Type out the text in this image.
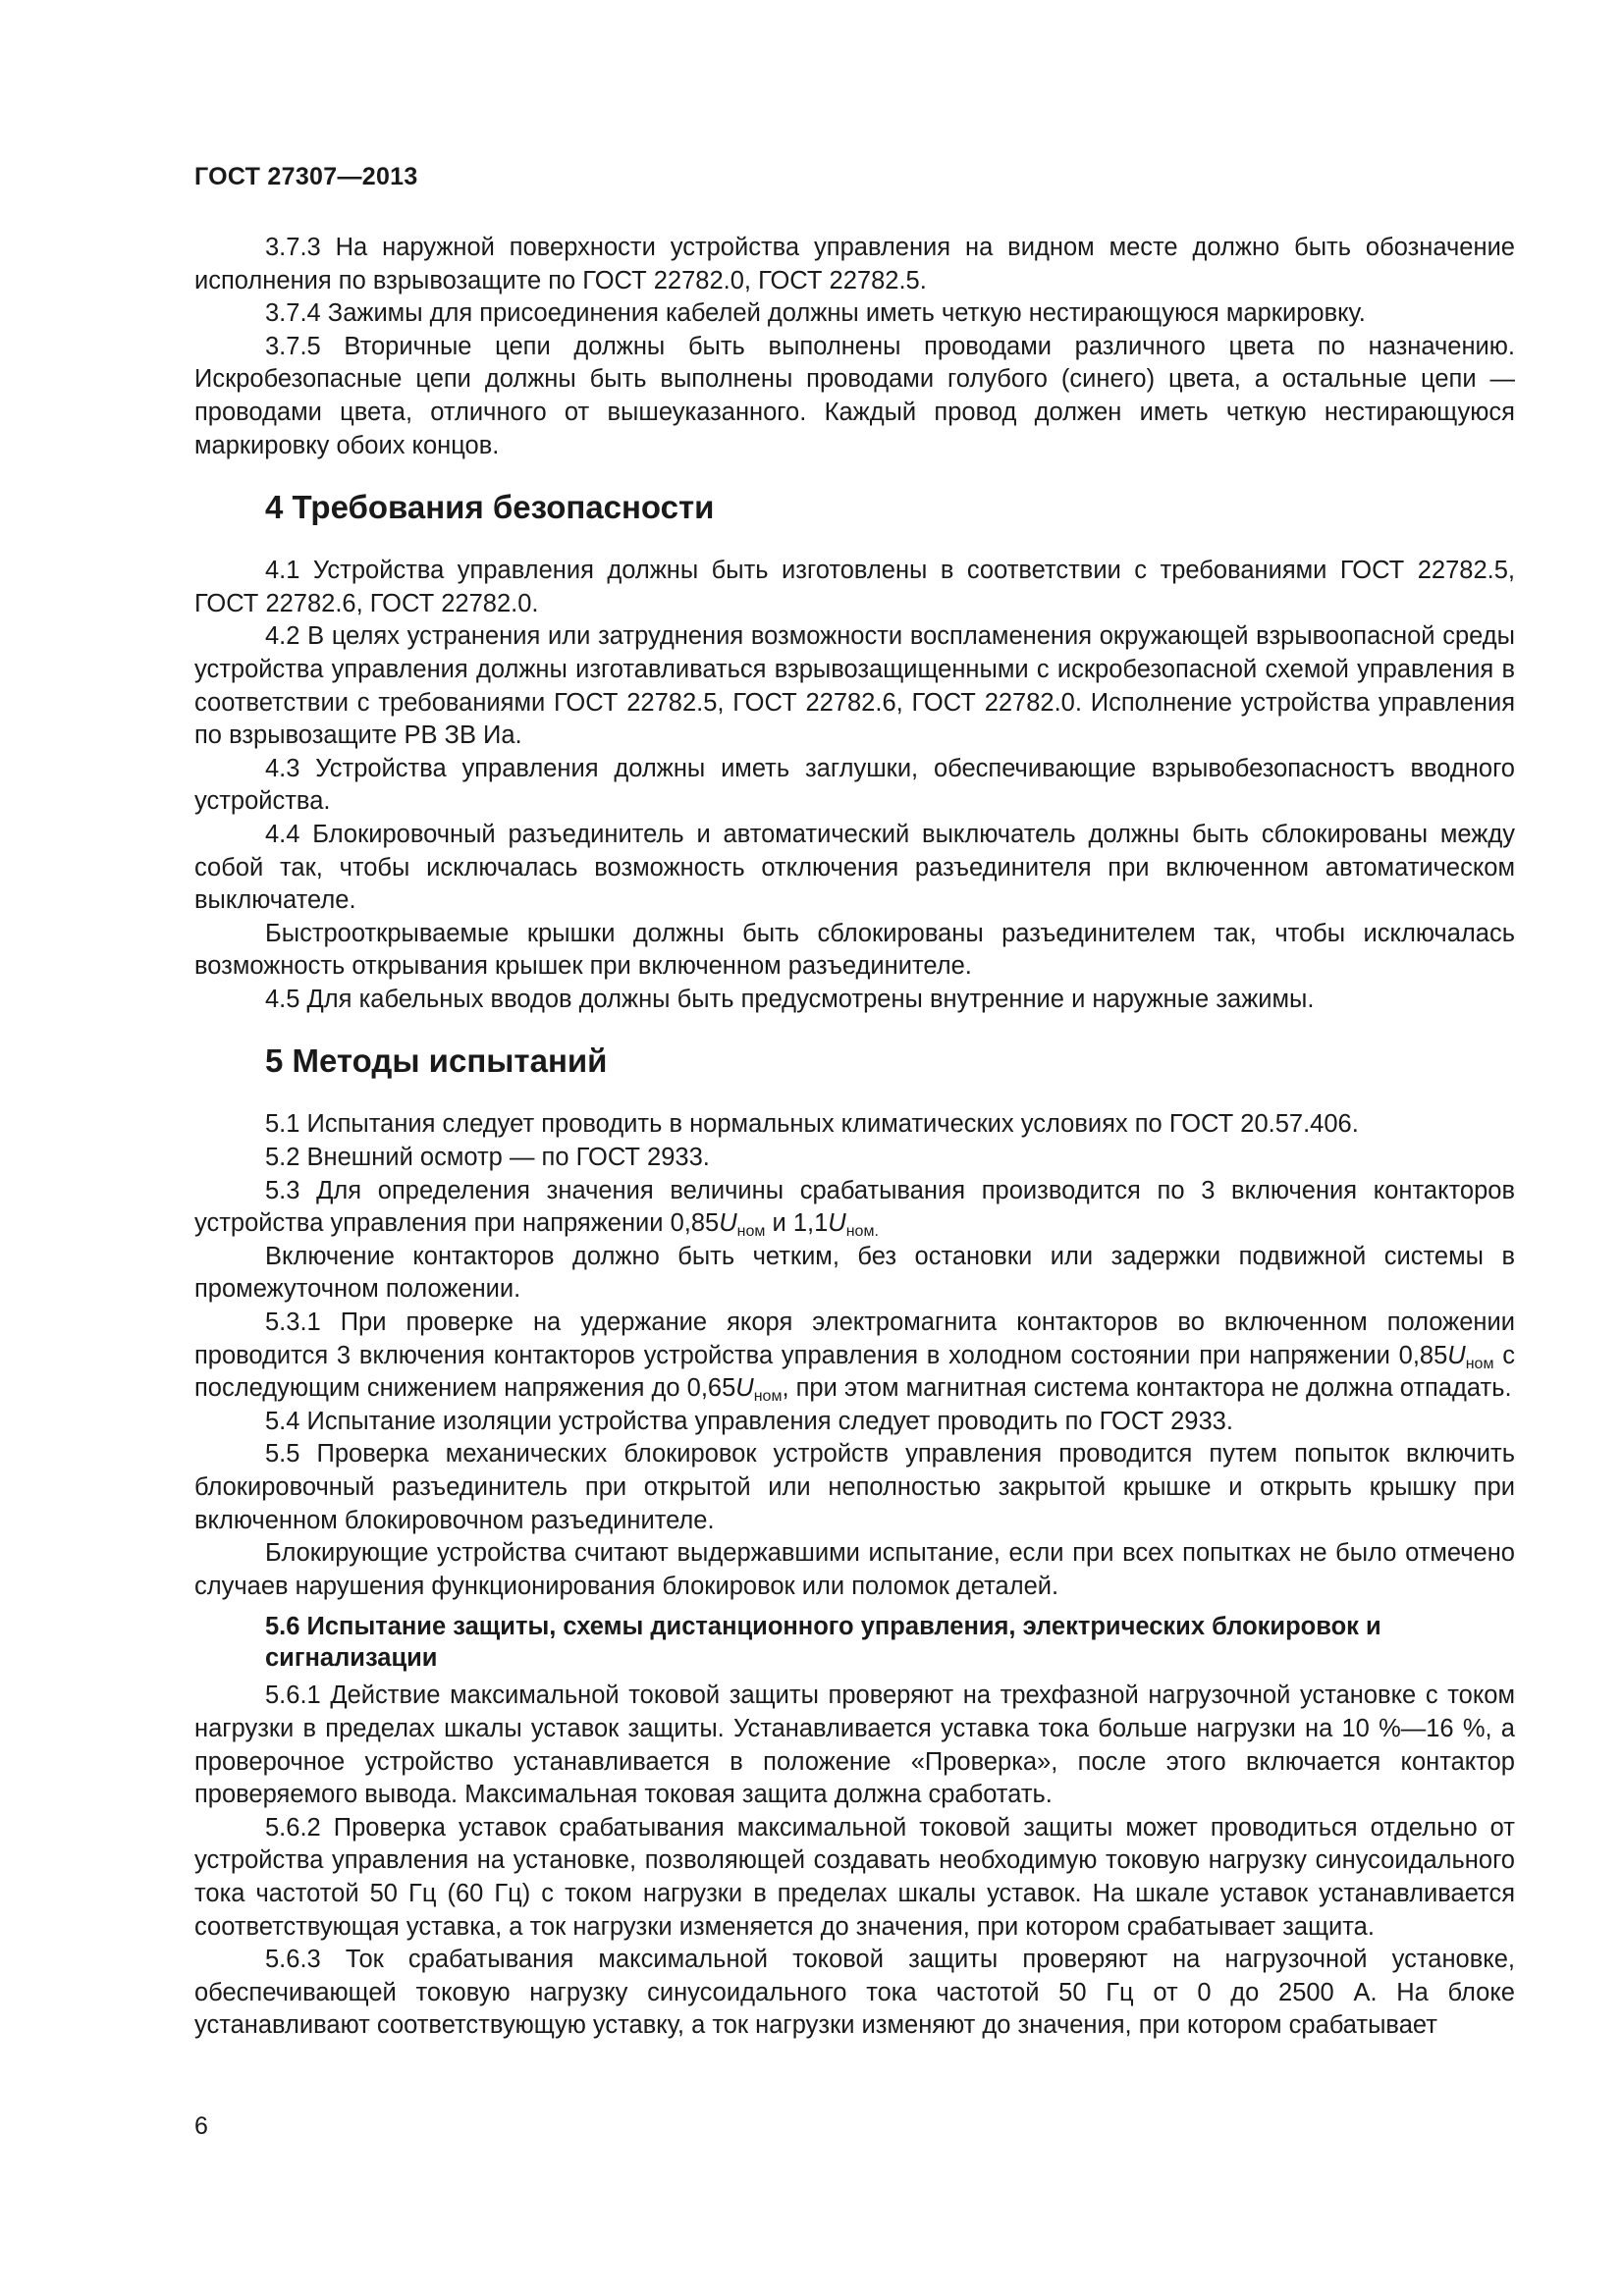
ГОСТ 27307—2013

3.7.3 На наружной поверхности устройства управления на видном месте должно быть обозначение исполнения по взрывозащите по ГОСТ 22782.0, ГОСТ 22782.5.

3.7.4 Зажимы для присоединения кабелей должны иметь четкую нестирающуюся маркировку.

3.7.5 Вторичные цепи должны быть выполнены проводами различного цвета по назначению. Искробезопасные цепи должны быть выполнены проводами голубого (синего) цвета, а остальные цепи — проводами цвета, отличного от вышеуказанного. Каждый провод должен иметь четкую нестирающуюся маркировку обоих концов.

4 Требования безопасности

4.1 Устройства управления должны быть изготовлены в соответствии с требованиями ГОСТ 22782.5, ГОСТ 22782.6, ГОСТ 22782.0.

4.2 В целях устранения или затруднения возможности воспламенения окружающей взрывоопасной среды устройства управления должны изготавливаться взрывозащищенными с искробезопасной схемой управления в соответствии с требованиями ГОСТ 22782.5, ГОСТ 22782.6, ГОСТ 22782.0. Исполнение устройства управления по взрывозащите РВ ЗВ Иа.

4.3 Устройства управления должны иметь заглушки, обеспечивающие взрывобезопасностъ вводного устройства.

4.4 Блокировочный разъединитель и автоматический выключатель должны быть сблокированы между собой так, чтобы исключалась возможность отключения разъединителя при включенном автоматическом выключателе.

Быстрооткрываемые крышки должны быть сблокированы разъединителем так, чтобы исключалась возможность открывания крышек при включенном разъединителе.

4.5 Для кабельных вводов должны быть предусмотрены внутренние и наружные зажимы.

5 Методы испытаний

5.1 Испытания следует проводить в нормальных климатических условиях по ГОСТ 20.57.406.

5.2 Внешний осмотр — по ГОСТ 2933.

5.3 Для определения значения величины срабатывания производится по 3 включения контакторов устройства управления при напряжении $0,85U_{ном}$ и $1,1U_{ном.}$

Включение контакторов должно быть четким, без остановки или задержки подвижной системы в промежуточном положении.

5.3.1 При проверке на удержание якоря электромагнита контакторов во включенном положении проводится 3 включения контакторов устройства управления в холодном состоянии при напряжении $0,85U_{ном}$ с последующим снижением напряжения до $0,65U_{ном}$, при этом магнитная система контактора не должна отпадать.

5.4 Испытание изоляции устройства управления следует проводить по ГОСТ 2933.

5.5 Проверка механических блокировок устройств управления проводится путем попыток включить блокировочный разъединитель при открытой или неполностью закрытой крышке и открыть крышку при включенном блокировочном разъединителе.

Блокирующие устройства считают выдержавшими испытание, если при всех попытках не было отмечено случаев нарушения функционирования блокировок или поломок деталей.

5.6 Испытание защиты, схемы дистанционного управления, электрических блокировок и сигнализации

5.6.1 Действие максимальной токовой защиты проверяют на трехфазной нагрузочной установке с током нагрузки в пределах шкалы уставок защиты. Устанавливается уставка тока больше нагрузки на 10 %—16 %, а проверочное устройство устанавливается в положение «Проверка», после этого включается контактор проверяемого вывода. Максимальная токовая защита должна сработать.

5.6.2 Проверка уставок срабатывания максимальной токовой защиты может проводиться отдельно от устройства управления на установке, позволяющей создавать необходимую токовую нагрузку синусоидального тока частотой 50 Гц (60 Гц) с током нагрузки в пределах шкалы уставок. На шкале уставок устанавливается соответствующая уставка, а ток нагрузки изменяется до значения, при котором срабатывает защита.

5.6.3 Ток срабатывания максимальной токовой защиты проверяют на нагрузочной установке, обеспечивающей токовую нагрузку синусоидального тока частотой 50 Гц от 0 до 2500 А. На блоке устанавливают соответствующую уставку, а ток нагрузки изменяют до значения, при котором срабатывает

6
